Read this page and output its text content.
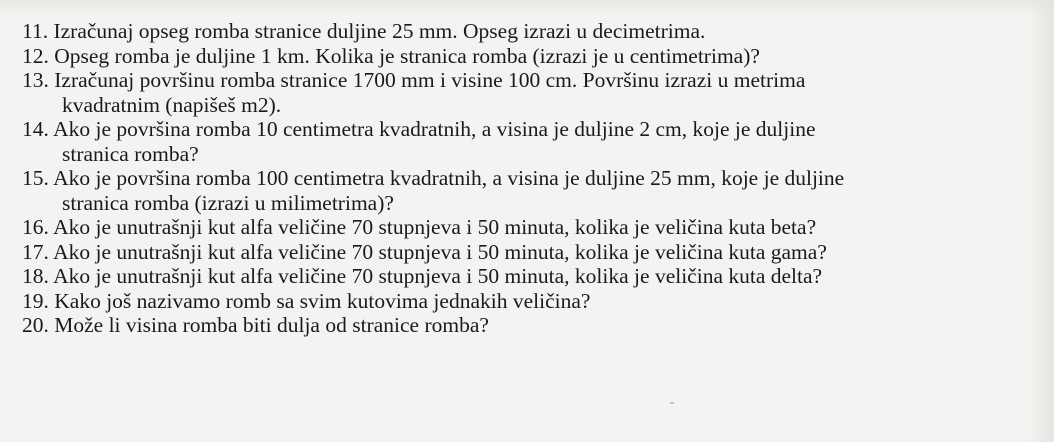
11. Izračunaj opseg romba stranice duljine 25 mm. Opseg izrazi u decimetrima.

12. Opseg romba je duljine 1 km. Kolika je stranica romba (izrazi je u centimetrima)?

13. Izračunaj površinu romba stranice 1700 mm i visine 100 cm. Površinu izrazi u metrima
kvadratnim (napišeš m2).

14. Ako je površina romba 10 centimetra kvadratnih, a visina je duljine 2 cm, koje je duljine
stranica romba?

15. Ako je površina romba 100 centimetra kvadratnih, a visina je duljine 25 mm, koje je duljine
stranica romba (izrazi u milimetrima)?

16. Ako je unutrašnji kut alfa veličine 70 stupnjeva i 50 minuta, kolika je veličina kuta beta?

17. Ako je unutrašnji kut alfa veličine 70 stupnjeva i 50 minuta, kolika je veličina kuta gama?

18. Ako je unutrašnji kut alfa veličine 70 stupnjeva i 50 minuta, kolika je veličina kuta delta?

19. Kako još nazivamo romb sa svim kutovima jednakih veličina?

20. Može li visina romba biti dulja od stranice romba?
